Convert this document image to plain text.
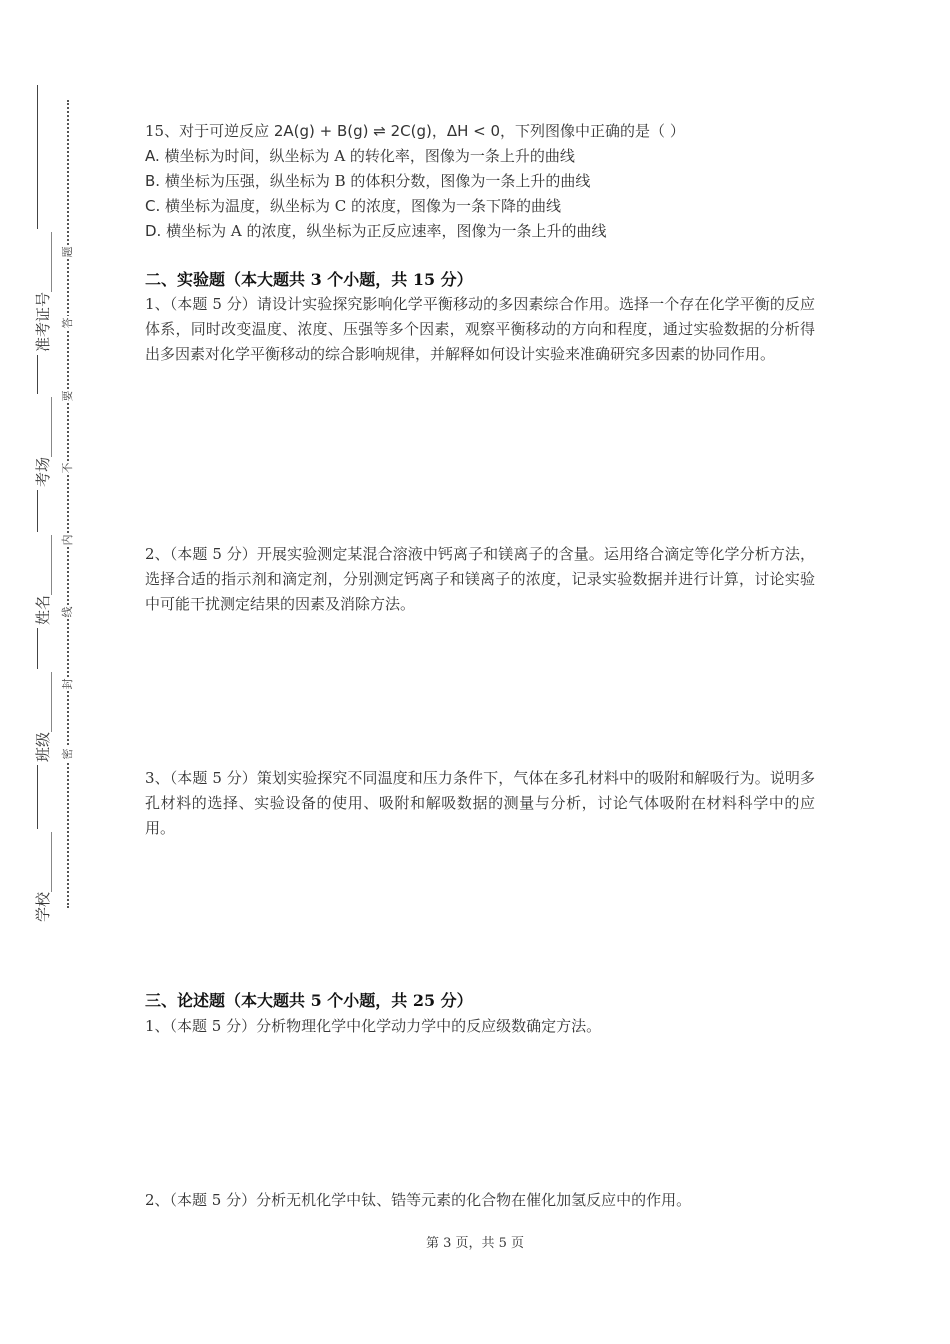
准考证号________
考场________
姓名________
班级________
学校________
题
答
要
不
内
线
封
密
15、对于可逆反应 2A(g) + B(g) ⇌ 2C(g)，ΔH < 0，下列图像中正确的是（ ）
A. 横坐标为时间，纵坐标为 A 的转化率，图像为一条上升的曲线
B. 横坐标为压强，纵坐标为 B 的体积分数，图像为一条上升的曲线
C. 横坐标为温度，纵坐标为 C 的浓度，图像为一条下降的曲线
D. 横坐标为 A 的浓度，纵坐标为正反应速率，图像为一条上升的曲线
二、实验题（本大题共 3 个小题，共 15 分）
1、（本题 5 分）请设计实验探究影响化学平衡移动的多因素综合作用。选择一个存在化学平衡的反应体系，同时改变温度、浓度、压强等多个因素，观察平衡移动的方向和程度，通过实验数据的分析得出多因素对化学平衡移动的综合影响规律，并解释如何设计实验来准确研究多因素的协同作用。
2、（本题 5 分）开展实验测定某混合溶液中钙离子和镁离子的含量。运用络合滴定等化学分析方法，选择合适的指示剂和滴定剂，分别测定钙离子和镁离子的浓度，记录实验数据并进行计算，讨论实验中可能干扰测定结果的因素及消除方法。
3、（本题 5 分）策划实验探究不同温度和压力条件下，气体在多孔材料中的吸附和解吸行为。说明多孔材料的选择、实验设备的使用、吸附和解吸数据的测量与分析，讨论气体吸附在材料科学中的应用。
三、论述题（本大题共 5 个小题，共 25 分）
1、（本题 5 分）分析物理化学中化学动力学中的反应级数确定方法。
2、（本题 5 分）分析无机化学中钛、锆等元素的化合物在催化加氢反应中的作用。
第 3 页，共 5 页
